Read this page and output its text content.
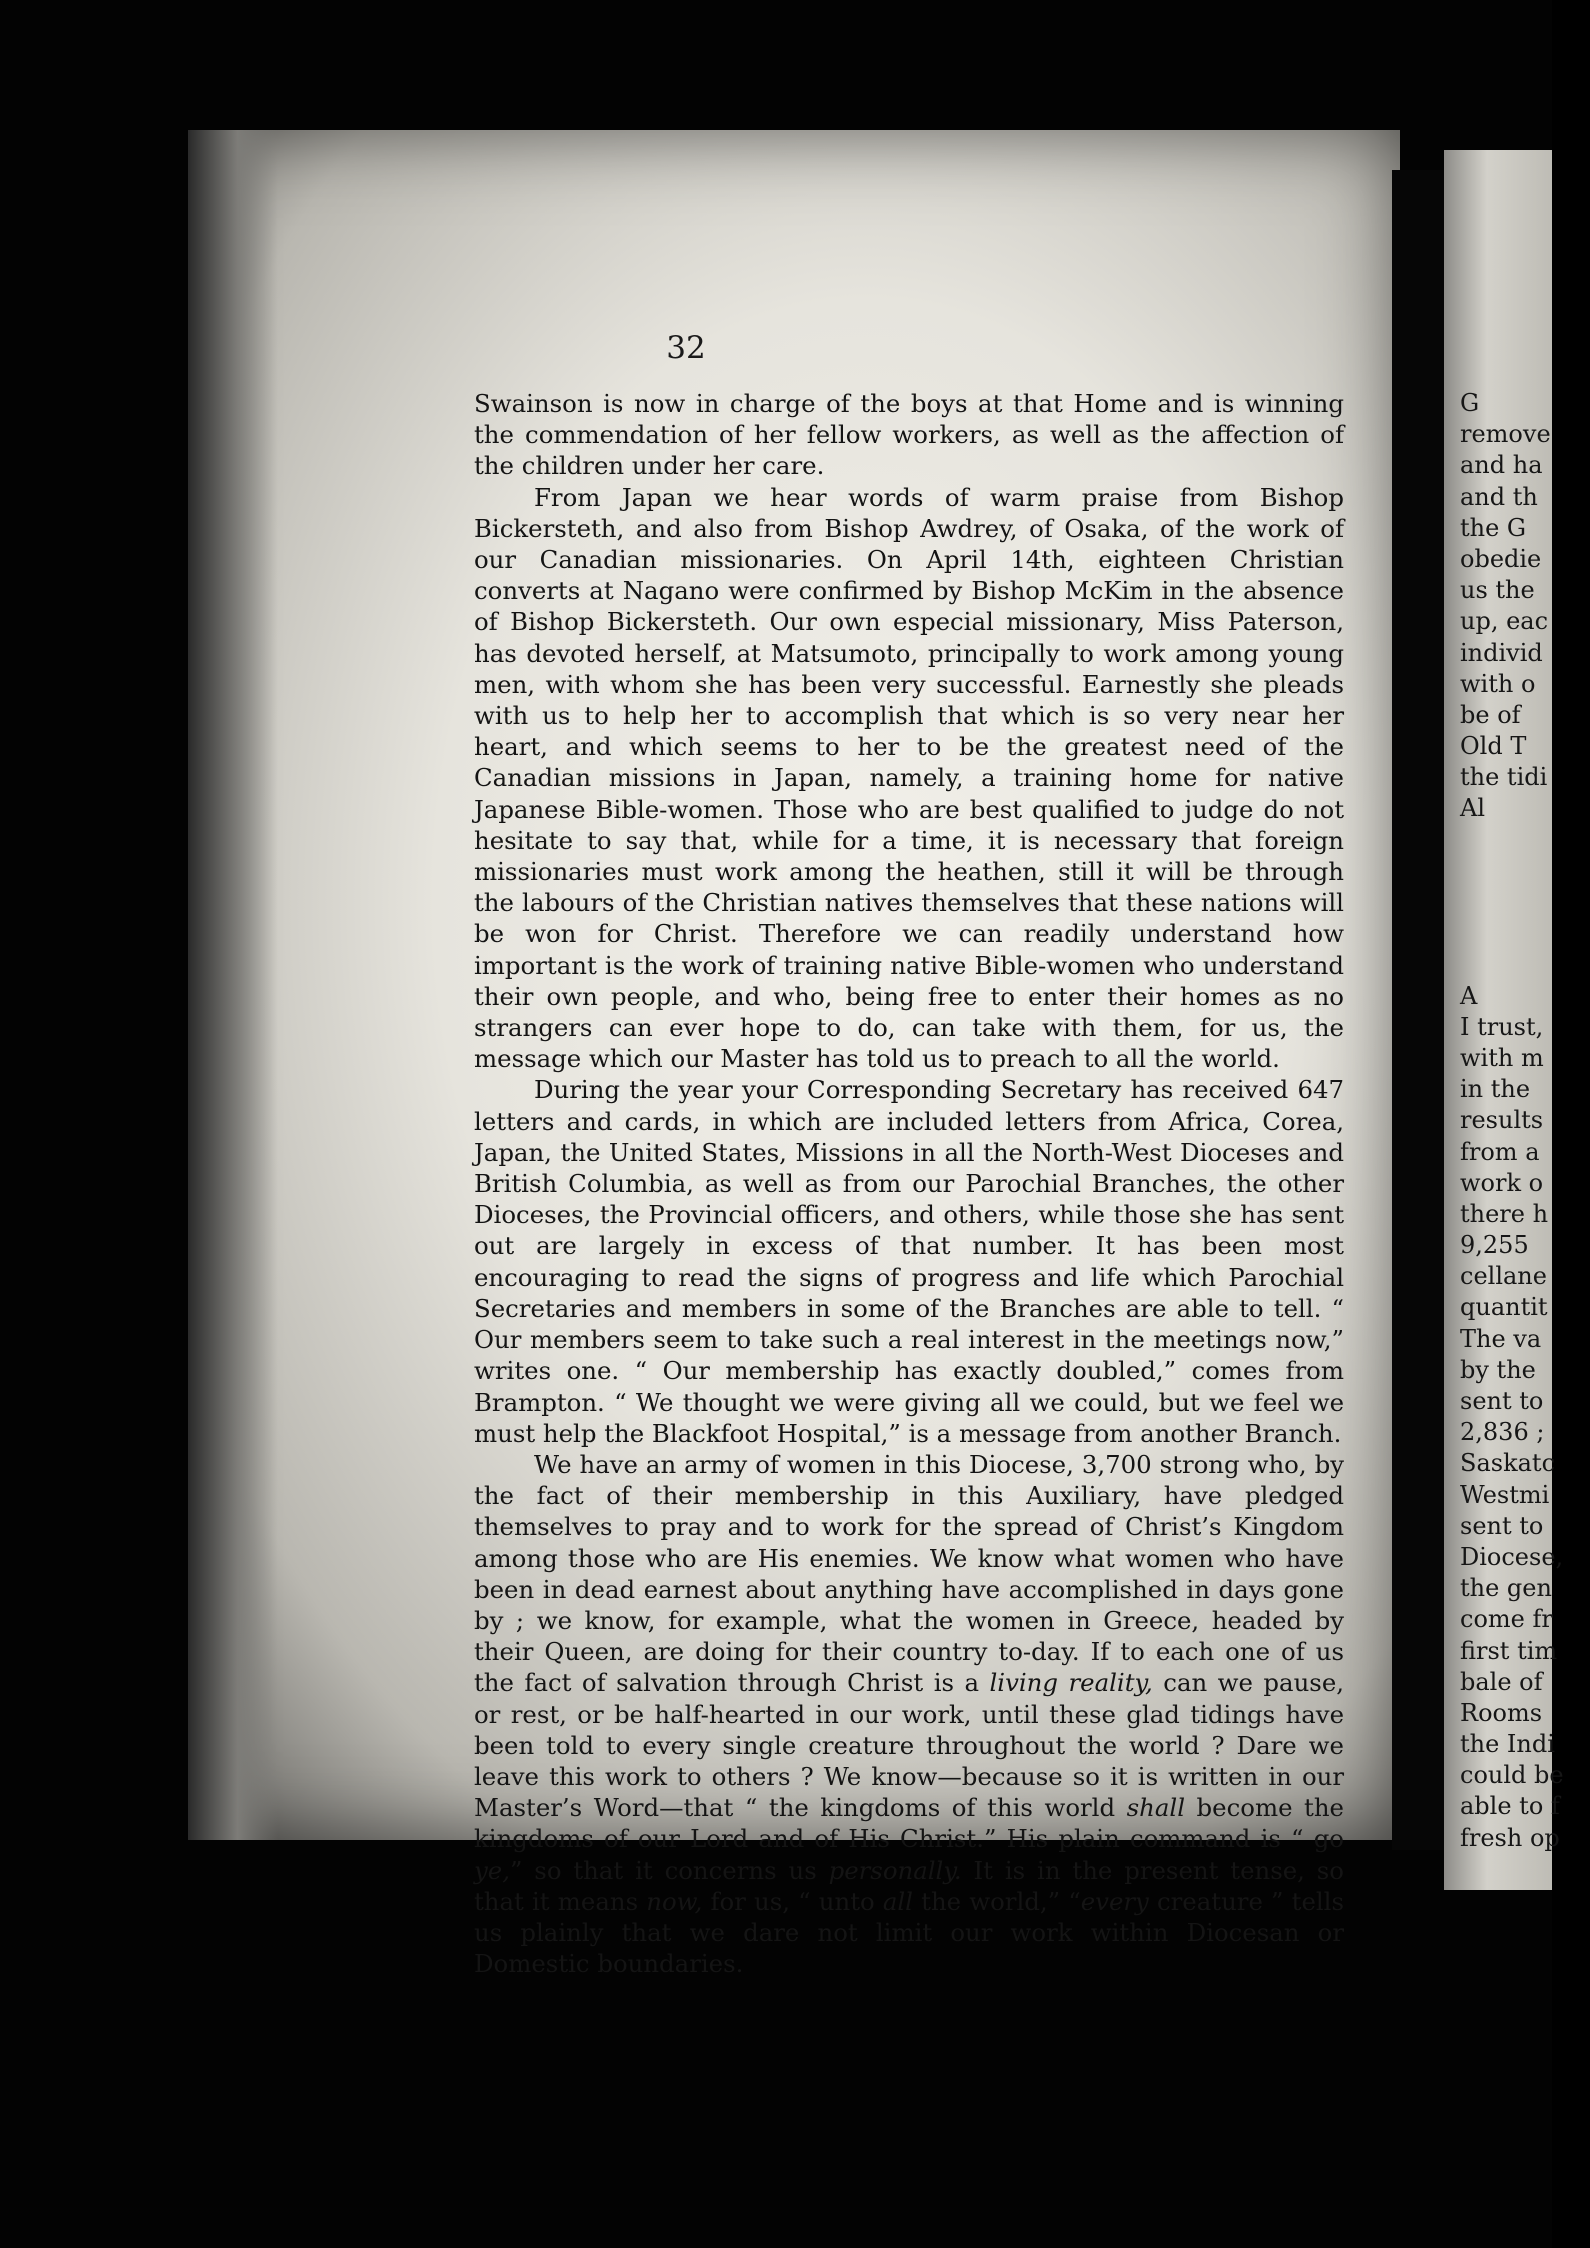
G
remove
and ha
and th
the G
obedie
us the
up, eac
individ
with o
be of
Old T
the tidi
Al
A
I trust,
with m
in the
results
from a
work o
there h
9,255
cellane
quantit
The va
by the
sent to
2,836 ;
Saskatc
Westmi
sent to
Diocese,
the gen
come fr
first tim
bale of
Rooms
the Indi
could be
able to f
fresh op
32

Swainson is now in charge of the boys at that Home and is winning the commendation of her fellow workers, as well as the affection of the children under her care.

From Japan we hear words of warm praise from Bishop Bickersteth, and also from Bishop Awdrey, of Osaka, of the work of our Canadian missionaries. On April 14th, eighteen Christian converts at Nagano were confirmed by Bishop McKim in the absence of Bishop Bickersteth. Our own especial missionary, Miss Paterson, has devoted herself, at Matsumoto, principally to work among young men, with whom she has been very successful. Earnestly she pleads with us to help her to accomplish that which is so very near her heart, and which seems to her to be the greatest need of the Canadian missions in Japan, namely, a training home for native Japanese Bible-women. Those who are best qualified to judge do not hesitate to say that, while for a time, it is necessary that foreign missionaries must work among the heathen, still it will be through the labours of the Christian natives themselves that these nations will be won for Christ. Therefore we can readily understand how important is the work of training native Bible-women who understand their own people, and who, being free to enter their homes as no strangers can ever hope to do, can take with them, for us, the message which our Master has told us to preach to all the world.

During the year your Corresponding Secretary has received 647 letters and cards, in which are included letters from Africa, Corea, Japan, the United States, Missions in all the North-West Dioceses and British Columbia, as well as from our Parochial Branches, the other Dioceses, the Provincial officers, and others, while those she has sent out are largely in excess of that number. It has been most encouraging to read the signs of progress and life which Parochial Secretaries and members in some of the Branches are able to tell. “ Our members seem to take such a real interest in the meetings now,” writes one. “ Our membership has exactly doubled,” comes from Brampton. “ We thought we were giving all we could, but we feel we must help the Blackfoot Hospital,” is a message from another Branch.

We have an army of women in this Diocese, 3,700 strong who, by the fact of their membership in this Auxiliary, have pledged themselves to pray and to work for the spread of Christ’s Kingdom among those who are His enemies. We know what women who have been in dead earnest about anything have accomplished in days gone by ; we know, for example, what the women in Greece, headed by their Queen, are doing for their country to-day. If to each one of us the fact of salvation through Christ is a living reality, can we pause, or rest, or be half-hearted in our work, until these glad tidings have been told to every single creature throughout the world ? Dare we leave this work to others ? We know—because so it is written in our Master’s Word—that “ the kingdoms of this world shall become the kingdoms of our Lord and of His Christ.” His plain command is “ go ye,” so that it concerns us personally. It is in the present tense, so that it means now, for us, “ unto all the world,” “every creature ” tells us plainly that we dare not limit our work within Diocesan or Domestic boundaries.
